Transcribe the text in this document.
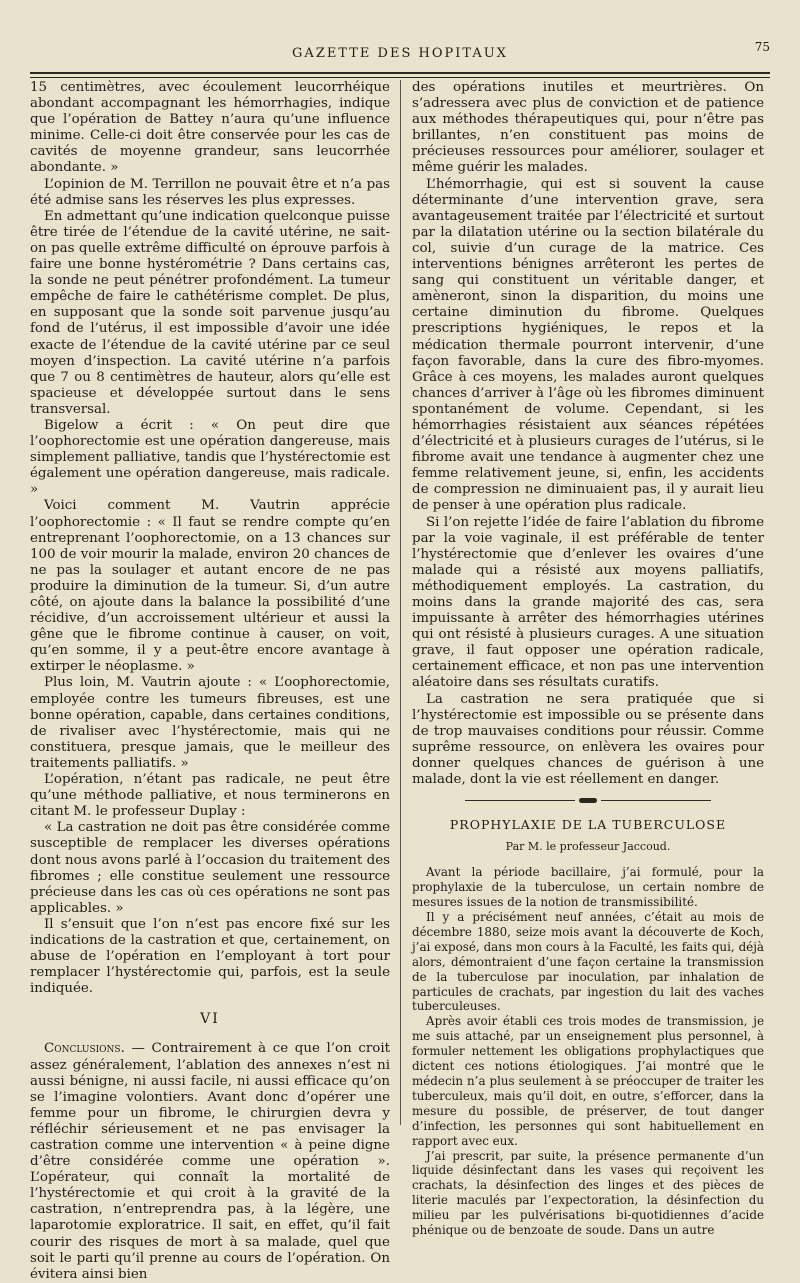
GAZETTE DES HOPITAUX	75

15 centimètres, avec écoulement leucorrhéique abondant accompagnant les hémorrhagies, indique que l’opération de Battey n’aura qu’une influence minime. Celle-ci doit être conservée pour les cas de cavités de moyenne grandeur, sans leucorrhée abondante. »

L’opinion de M. Terrillon ne pouvait être et n’a pas été admise sans les réserves les plus expresses.

En admettant qu’une indication quelconque puisse être tirée de l’étendue de la cavité utérine, ne sait-on pas quelle extrême difficulté on éprouve parfois à faire une bonne hystérométrie ? Dans certains cas, la sonde ne peut pénétrer profondément. La tumeur empêche de faire le cathétérisme complet. De plus, en supposant que la sonde soit parvenue jusqu’au fond de l’utérus, il est impossible d’avoir une idée exacte de l’étendue de la cavité utérine par ce seul moyen d’inspection. La cavité utérine n’a parfois que 7 ou 8 centimètres de hauteur, alors qu’elle est spacieuse et développée surtout dans le sens transversal.

Bigelow a écrit : « On peut dire que l’oophorectomie est une opération dangereuse, mais simplement palliative, tandis que l’hystérectomie est également une opération dangereuse, mais radicale. »

Voici comment M. Vautrin apprécie l’oophorectomie : « Il faut se rendre compte qu’en entreprenant l’oophorectomie, on a 13 chances sur 100 de voir mourir la malade, environ 20 chances de ne pas la soulager et autant encore de ne pas produire la diminution de la tumeur. Si, d’un autre côté, on ajoute dans la balance la possibilité d’une récidive, d’un accroissement ultérieur et aussi la gêne que le fibrome continue à causer, on voit, qu’en somme, il y a peut-être encore avantage à extirper le néoplasme. »

Plus loin, M. Vautrin ajoute : « L’oophorectomie, employée contre les tumeurs fibreuses, est une bonne opération, capable, dans certaines conditions, de rivaliser avec l’hystérectomie, mais qui ne constituera, presque jamais, que le meilleur des traitements palliatifs. »

L’opération, n’étant pas radicale, ne peut être qu’une méthode palliative, et nous terminerons en citant M. le professeur Duplay :

« La castration ne doit pas être considérée comme susceptible de remplacer les diverses opérations dont nous avons parlé à l’occasion du traitement des fibromes ; elle constitue seulement une ressource précieuse dans les cas où ces opérations ne sont pas applicables. »

Il s’ensuit que l’on n’est pas encore fixé sur les indications de la castration et que, certainement, on abuse de l’opération en l’employant à tort pour remplacer l’hystérectomie qui, parfois, est la seule indiquée.

VI

Conclusions. — Contrairement à ce que l’on croit assez généralement, l’ablation des annexes n’est ni aussi bénigne, ni aussi facile, ni aussi efficace qu’on se l’imagine volontiers. Avant donc d’opérer une femme pour un fibrome, le chirurgien devra y réfléchir sérieusement et ne pas envisager la castration comme une intervention « à peine digne d’être considérée comme une opération ». L’opérateur, qui connaît la mortalité de l’hystérectomie et qui croit à la gravité de la castration, n’entreprendra pas, à la légère, une laparotomie exploratrice. Il sait, en effet, qu’il fait courir des risques de mort à sa malade, quel que soit le parti qu’il prenne au cours de l’opération. On évitera ainsi bien

des opérations inutiles et meurtrières. On s’adressera avec plus de conviction et de patience aux méthodes thérapeutiques qui, pour n’être pas brillantes, n’en constituent pas moins de précieuses ressources pour améliorer, soulager et même guérir les malades.

L’hémorrhagie, qui est si souvent la cause déterminante d’une intervention grave, sera avantageusement traitée par l’électricité et surtout par la dilatation utérine ou la section bilatérale du col, suivie d’un curage de la matrice. Ces interventions bénignes arrêteront les pertes de sang qui constituent un véritable danger, et amèneront, sinon la disparition, du moins une certaine diminution du fibrome. Quelques prescriptions hygiéniques, le repos et la médication thermale pourront intervenir, d’une façon favorable, dans la cure des fibro-myomes. Grâce à ces moyens, les malades auront quelques chances d’arriver à l’âge où les fibromes diminuent spontanément de volume. Cependant, si les hémorrhagies résistaient aux séances répétées d’électricité et à plusieurs curages de l’utérus, si le fibrome avait une tendance à augmenter chez une femme relativement jeune, si, enfin, les accidents de compression ne diminuaient pas, il y aurait lieu de penser à une opération plus radicale.

Si l’on rejette l’idée de faire l’ablation du fibrome par la voie vaginale, il est préférable de tenter l’hystérectomie que d’enlever les ovaires d’une malade qui a résisté aux moyens palliatifs, méthodiquement employés. La castration, du moins dans la grande majorité des cas, sera impuissante à arrêter des hémorrhagies utérines qui ont résisté à plusieurs curages. A une situation grave, il faut opposer une opération radicale, certainement efficace, et non pas une intervention aléatoire dans ses résultats curatifs.

La castration ne sera pratiquée que si l’hystérectomie est impossible ou se présente dans de trop mauvaises conditions pour réussir. Comme suprême ressource, on enlèvera les ovaires pour donner quelques chances de guérison à une malade, dont la vie est réellement en danger.

PROPHYLAXIE DE LA TUBERCULOSE
Par M. le professeur Jaccoud.

Avant la période bacillaire, j’ai formulé, pour la prophylaxie de la tuberculose, un certain nombre de mesures issues de la notion de transmissibilité.

Il y a précisément neuf années, c’était au mois de décembre 1880, seize mois avant la découverte de Koch, j’ai exposé, dans mon cours à la Faculté, les faits qui, déjà alors, démontraient d’une façon certaine la transmission de la tuberculose par inoculation, par inhalation de particules de crachats, par ingestion du lait des vaches tuberculeuses.

Après avoir établi ces trois modes de transmission, je me suis attaché, par un enseignement plus personnel, à formuler nettement les obligations prophylactiques que dictent ces notions étiologiques. J’ai montré que le médecin n’a plus seulement à se préoccuper de traiter les tuberculeux, mais qu’il doit, en outre, s’efforcer, dans la mesure du possible, de préserver, de tout danger d’infection, les personnes qui sont habituellement en rapport avec eux.

J’ai prescrit, par suite, la présence permanente d’un liquide désinfectant dans les vases qui reçoivent les crachats, la désinfection des linges et des pièces de literie maculés par l’expectoration, la désinfection du milieu par les pulvérisations bi-quotidiennes d’acide phénique ou de benzoate de soude. Dans un autre
